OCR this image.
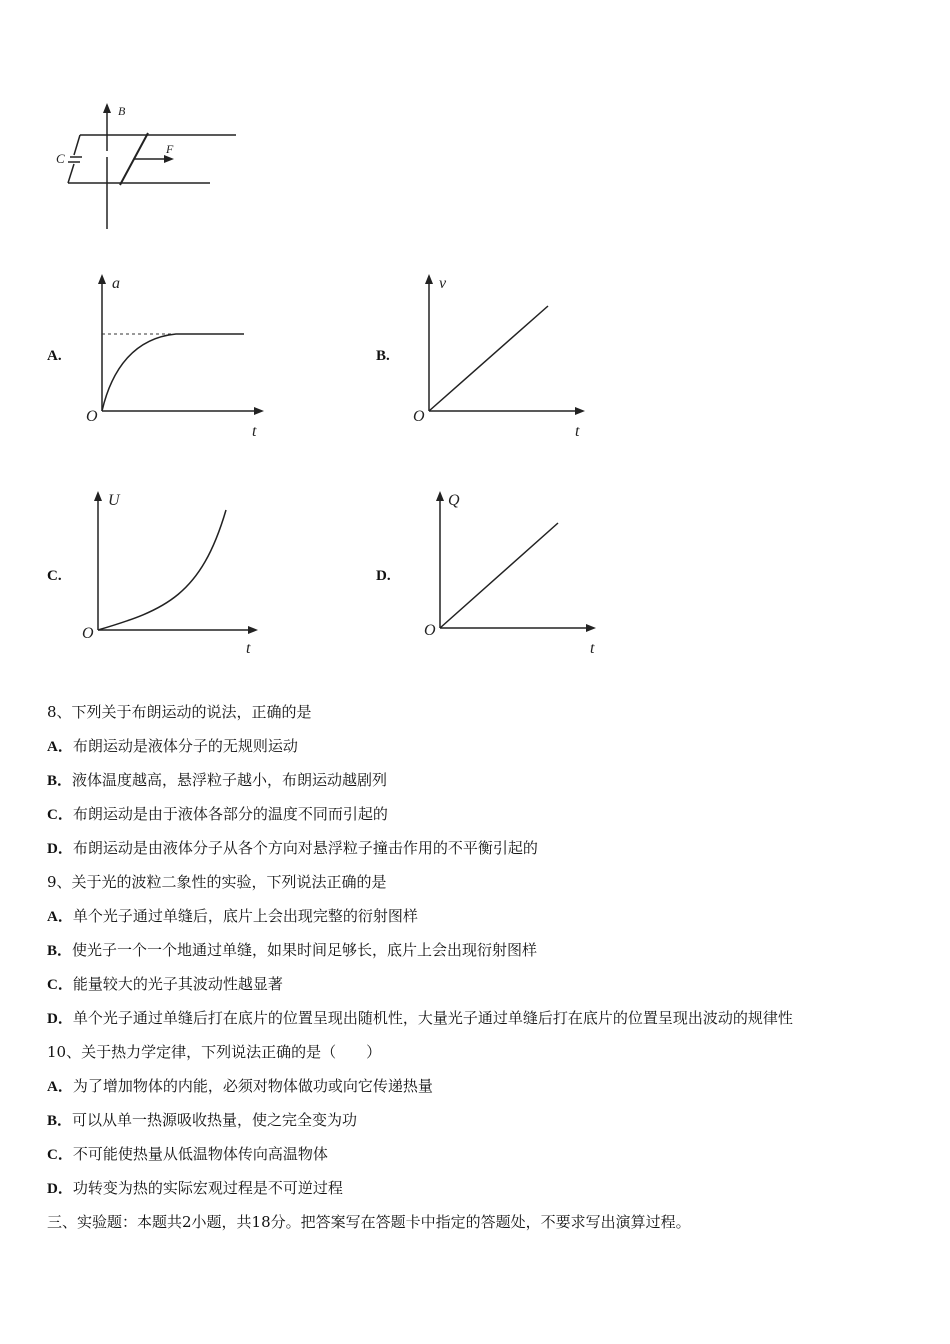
B
C
F
A.
a
O
t
B.
v
O
t
C.
U
O
t
D.
Q
O
t
8、下列关于布朗运动的说法，正确的是
A．布朗运动是液体分子的无规则运动
B．液体温度越高，悬浮粒子越小，布朗运动越剧列
C．布朗运动是由于液体各部分的温度不同而引起的
D．布朗运动是由液体分子从各个方向对悬浮粒子撞击作用的不平衡引起的
9、关于光的波粒二象性的实验，下列说法正确的是
A．单个光子通过单缝后，底片上会出现完整的衍射图样
B．使光子一个一个地通过单缝，如果时间足够长，底片上会出现衍射图样
C．能量较大的光子其波动性越显著
D．单个光子通过单缝后打在底片的位置呈现出随机性，大量光子通过单缝后打在底片的位置呈现出波动的规律性
10、关于热力学定律，下列说法正确的是（　　）
A．为了增加物体的内能，必须对物体做功或向它传递热量
B．可以从单一热源吸收热量，使之完全变为功
C．不可能使热量从低温物体传向高温物体
D．功转变为热的实际宏观过程是不可逆过程
三、实验题：本题共2小题，共18分。把答案写在答题卡中指定的答题处，不要求写出演算过程。
